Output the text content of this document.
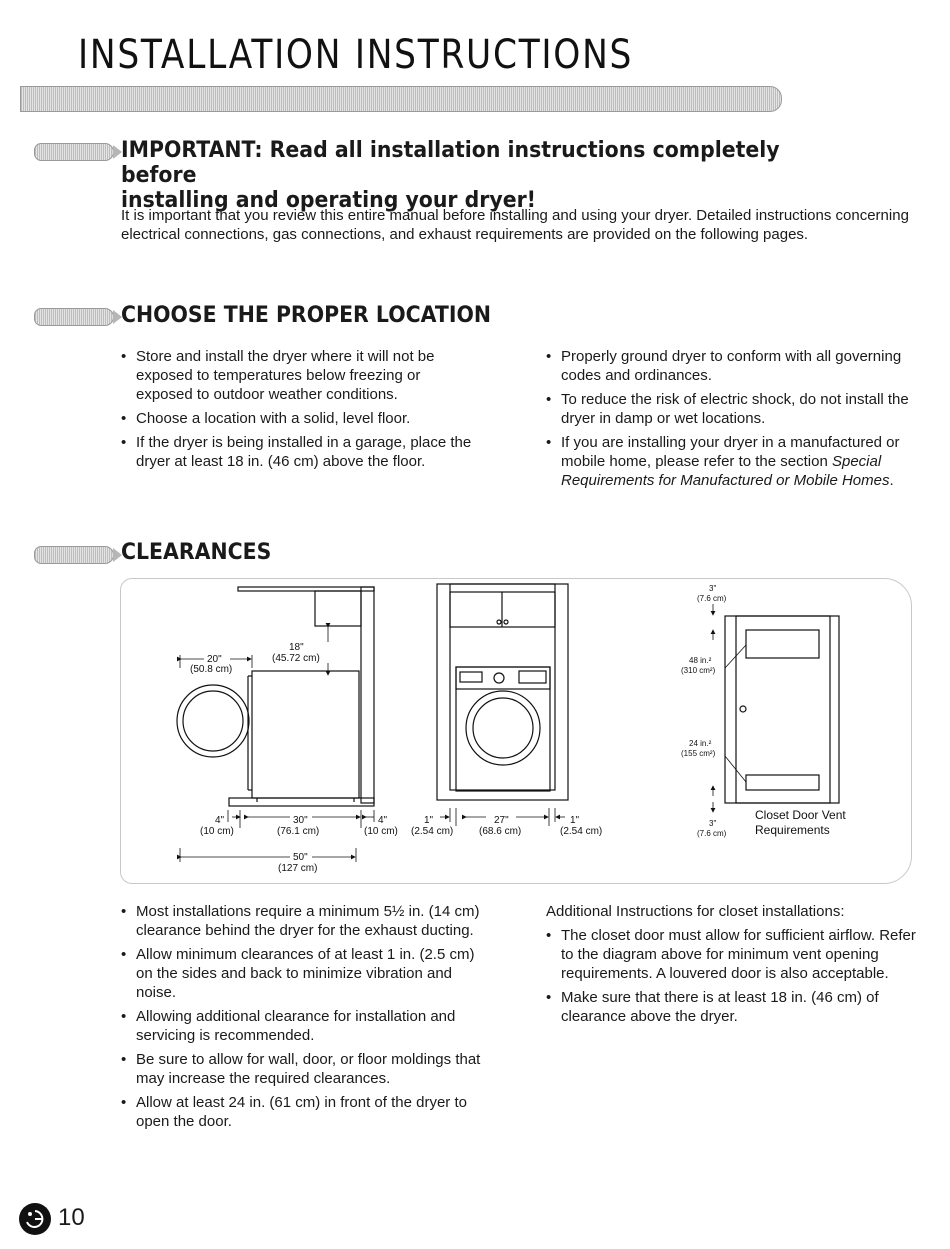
INSTALLATION INSTRUCTIONS
IMPORTANT: Read all installation instructions completely before
installing and operating your dryer!
It is important that you review this entire manual before installing and using your dryer. Detailed instructions concerning electrical connections, gas connections, and exhaust requirements are provided on the following pages.
CHOOSE THE PROPER LOCATION
• Store and install the dryer where it will not be exposed to temperatures below freezing or exposed to outdoor weather conditions.
• Choose a location with a solid, level floor.
• If the dryer is being installed in a garage, place the dryer at least 18 in. (46 cm) above the floor.
• Properly ground dryer to conform with all governing codes and ordinances.
• To reduce the risk of electric shock, do not install the dryer in damp or wet locations.
• If you are installing your dryer in a manufactured or mobile home, please refer to the section Special Requirements for Manufactured or Mobile Homes.
CLEARANCES
20"
(50.8 cm)
18"
(45.72 cm)
4"
(10 cm)
30"
(76.1 cm)
4"
(10 cm)
50"
(127 cm)
1"
(2.54 cm)
27"
(68.6 cm)
1"
(2.54 cm)
3"
(7.6 cm)
48 in.²
(310 cm²)
24 in.²
(155 cm²)
3"
(7.6 cm)
Closet Door Vent
Requirements
• Most installations require a minimum 5½ in. (14 cm) clearance behind the dryer for the exhaust ducting.
• Allow minimum clearances of at least 1 in. (2.5 cm) on the sides and back to minimize vibration and noise.
• Allowing additional clearance for installation and servicing is recommended.
• Be sure to allow for wall, door, or floor moldings that may increase the required clearances.
• Allow at least 24 in. (61 cm) in front of the dryer to open the door.
Additional Instructions for closet installations:
• The closet door must allow for sufficient airflow. Refer to the diagram above for minimum vent opening requirements. A louvered door is also acceptable.
• Make sure that there is at least 18 in. (46 cm) of clearance above the dryer.
10
